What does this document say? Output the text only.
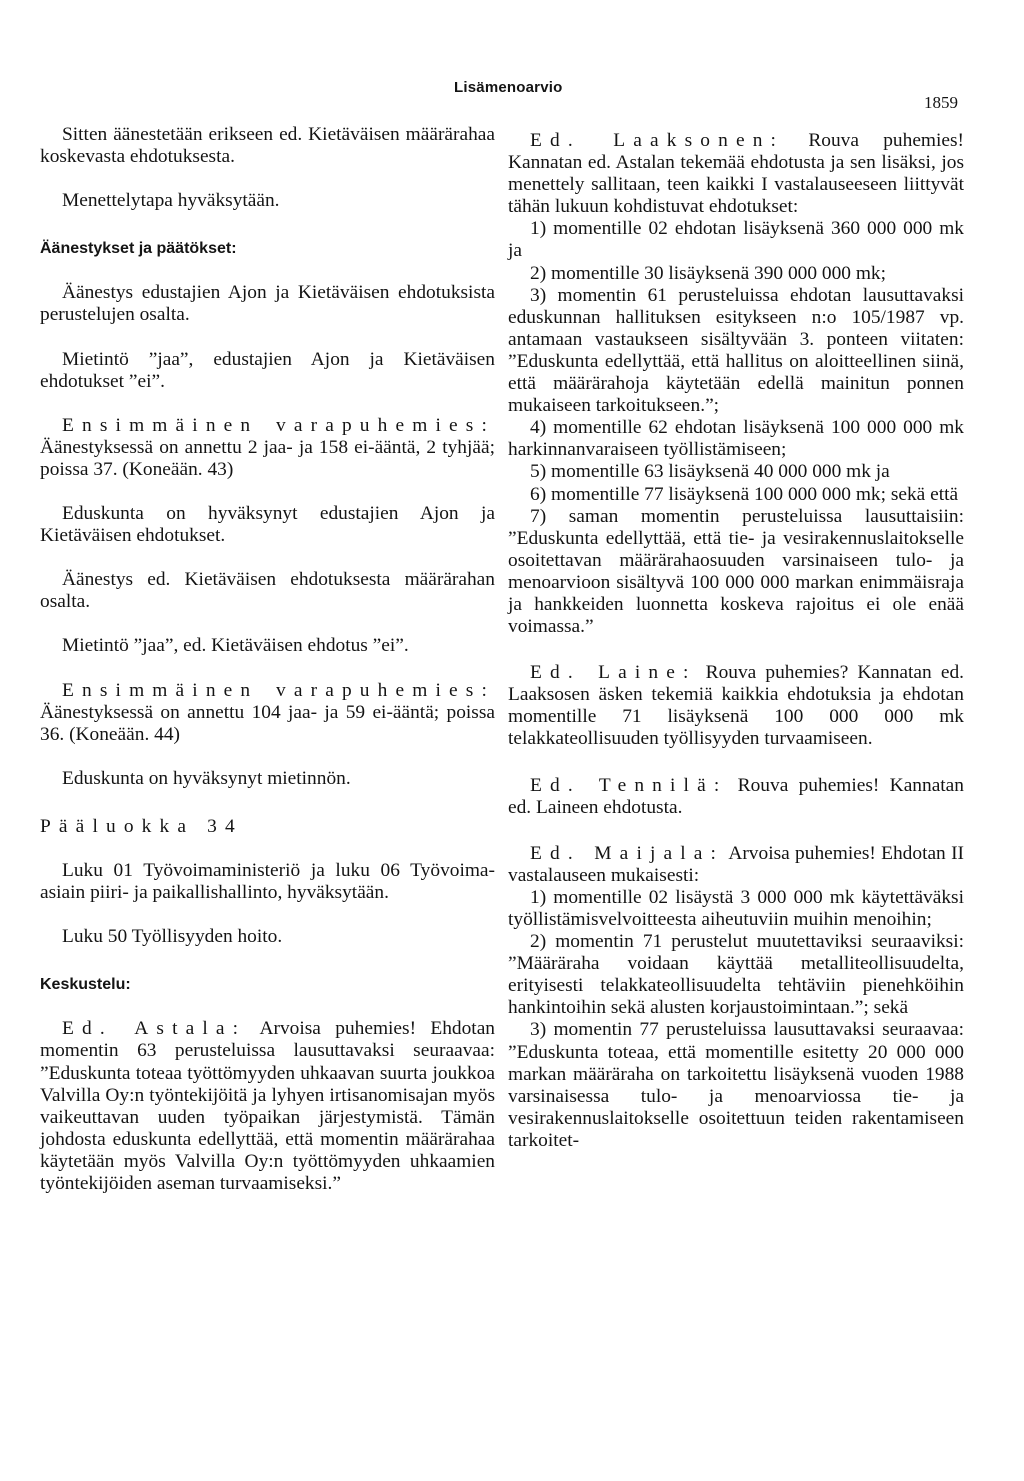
Lisämenoarvio
1859

Sitten äänestetään erikseen ed. Kietäväisen määrärahaa koskevasta ehdotuksesta.

Menettelytapa hyväksytään.

Äänestykset ja päätökset:

Äänestys edustajien Ajon ja Kietäväisen ehdotuksista perustelujen osalta.

Mietintö ”jaa”, edustajien Ajon ja Kietäväisen ehdotukset ”ei”.

Ensimmäinen varapuhemies: Äänestyksessä on annettu 2 jaa- ja 158 ei-ääntä, 2 tyhjää; poissa 37. (Koneään. 43)

Eduskunta on hyväksynyt edustajien Ajon ja Kietäväisen ehdotukset.

Äänestys ed. Kietäväisen ehdotuksesta määrärahan osalta.

Mietintö ”jaa”, ed. Kietäväisen ehdotus ”ei”.

Ensimmäinen varapuhemies: Äänestyksessä on annettu 104 jaa- ja 59 ei-ääntä; poissa 36. (Koneään. 44)

Eduskunta on hyväksynyt mietinnön.

Pääluokka 34

Luku 01 Työvoimaministeriö ja luku 06 Työvoima-asiain piiri- ja paikallishallinto, hyväksytään.

Luku 50 Työllisyyden hoito.

Keskustelu:

Ed. Astala: Arvoisa puhemies! Ehdotan momentin 63 perusteluissa lausuttavaksi seuraavaa: ”Eduskunta toteaa työttömyyden uhkaavan suurta joukkoa Valvilla Oy:n työntekijöitä ja lyhyen irtisanomisajan myös vaikeuttavan uuden työpaikan järjestymistä. Tämän johdosta eduskunta edellyttää, että momentin määrärahaa käytetään myös Valvilla Oy:n työttömyyden uhkaamien työntekijöiden aseman turvaamiseksi.”

Ed. Laaksonen: Rouva puhemies! Kannatan ed. Astalan tekemää ehdotusta ja sen lisäksi, jos menettely sallitaan, teen kaikki I vastalauseeseen liittyvät tähän lukuun kohdistuvat ehdotukset:

1) momentille 02 ehdotan lisäyksenä 360 000 000 mk ja

2) momentille 30 lisäyksenä 390 000 000 mk;

3) momentin 61 perusteluissa ehdotan lausuttavaksi eduskunnan hallituksen esitykseen n:o 105/1987 vp. antamaan vastaukseen sisältyvään 3. ponteen viitaten: ”Eduskunta edellyttää, että hallitus on aloitteellinen siinä, että määrärahoja käytetään edellä mainitun ponnen mukaiseen tarkoitukseen.”;

4) momentille 62 ehdotan lisäyksenä 100 000 000 mk harkinnanvaraiseen työllistämiseen;

5) momentille 63 lisäyksenä 40 000 000 mk ja

6) momentille 77 lisäyksenä 100 000 000 mk; sekä että

7) saman momentin perusteluissa lausuttaisiin: ”Eduskunta edellyttää, että tie- ja vesirakennuslaitokselle osoitettavan määrärahaosuuden varsinaiseen tulo- ja menoarvioon sisältyvä 100 000 000 markan enimmäisraja ja hankkeiden luonnetta koskeva rajoitus ei ole enää voimassa.”

Ed. Laine: Rouva puhemies? Kannatan ed. Laaksosen äsken tekemiä kaikkia ehdotuksia ja ehdotan momentille 71 lisäyksenä 100 000 000 mk telakkateollisuuden työllisyyden turvaamiseen.

Ed. Tennilä: Rouva puhemies! Kannatan ed. Laineen ehdotusta.

Ed. Maijala: Arvoisa puhemies! Ehdotan II vastalauseen mukaisesti:

1) momentille 02 lisäystä 3 000 000 mk käytettäväksi työllistämisvelvoitteesta aiheutuviin muihin menoihin;

2) momentin 71 perustelut muutettaviksi seuraaviksi: ”Määräraha voidaan käyttää metalliteollisuudelta, erityisesti telakkateollisuudelta tehtäviin pienehköihin hankintoihin sekä alusten korjaustoimintaan.”; sekä

3) momentin 77 perusteluissa lausuttavaksi seuraavaa: ”Eduskunta toteaa, että momentille esitetty 20 000 000 markan määräraha on tarkoitettu lisäyksenä vuoden 1988 varsinaisessa tulo- ja menoarviossa tie- ja vesirakennuslaitokselle osoitettuun teiden rakentamiseen tarkoitet-
